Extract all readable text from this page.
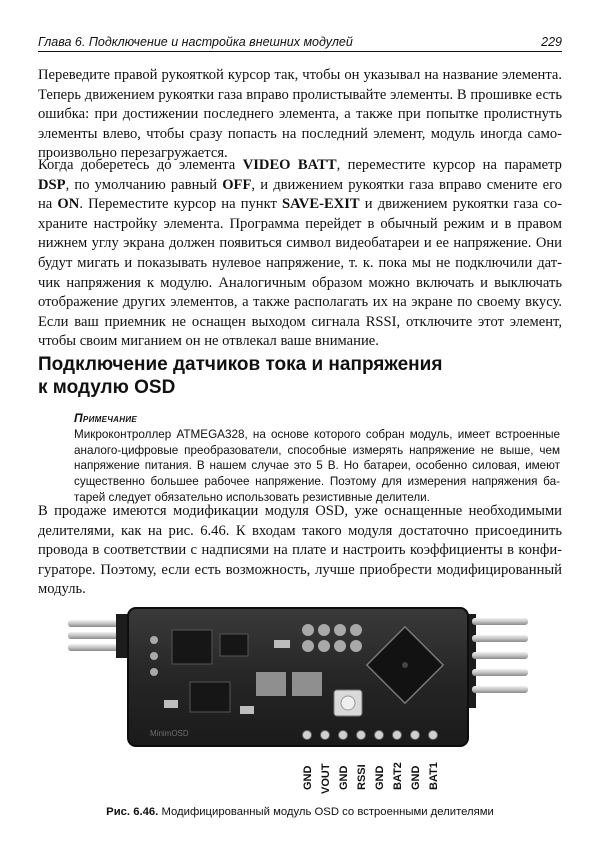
Глава 6. Подключение и настройка внешних модулей	229
Переведите правой рукояткой курсор так, чтобы он указывал на название элемента.
Теперь движением рукоятки газа вправо пролистывайте элементы. В прошивке есть
ошибка: при достижении последнего элемента, а также при попытке пролистнуть
элементы влево, чтобы сразу попасть на последний элемент, модуль иногда само-
произвольно перезагружается.
Когда доберетесь до элемента VIDEO BATT, переместите курсор на параметр
DSP, по умолчанию равный OFF, и движением рукоятки газа вправо смените его
на ON. Переместите курсор на пункт SAVE-EXIT и движением рукоятки газа со-
храните настройку элемента. Программа перейдет в обычный режим и в правом
нижнем углу экрана должен появиться символ видеобатареи и ее напряжение. Они
будут мигать и показывать нулевое напряжение, т. к. пока мы не подключили дат-
чик напряжения к модулю. Аналогичным образом можно включать и выключать
отображение других элементов, а также располагать их на экране по своему вкусу.
Если ваш приемник не оснащен выходом сигнала RSSI, отключите этот элемент,
чтобы своим миганием он не отвлекал ваше внимание.
Подключение датчиков тока и напряжения
к модулю OSD
Примечание
Микроконтроллер ATMEGA328, на основе которого собран модуль, имеет встроенные
аналого-цифровые преобразователи, способные измерять напряжение не выше, чем
напряжение питания. В нашем случае это 5 В. Но батареи, особенно силовая, имеют
существенно большее рабочее напряжение. Поэтому для измерения напряжения ба-
тарей следует обязательно использовать резистивные делители.
В продаже имеются модификации модуля OSD, уже оснащенные необходимыми
делителями, как на рис. 6.46. К входам такого модуля достаточно присоединить
провода в соответствии с надписями на плате и настроить коэффициенты в конфи-
гураторе. Поэтому, если есть возможность, лучше приобрести модифицированный
модуль.
MinimOSD
GND VOUT GND RSSI GND BAT2 GND BAT1
Рис. 6.46. Модифицированный модуль OSD со встроенными делителями
